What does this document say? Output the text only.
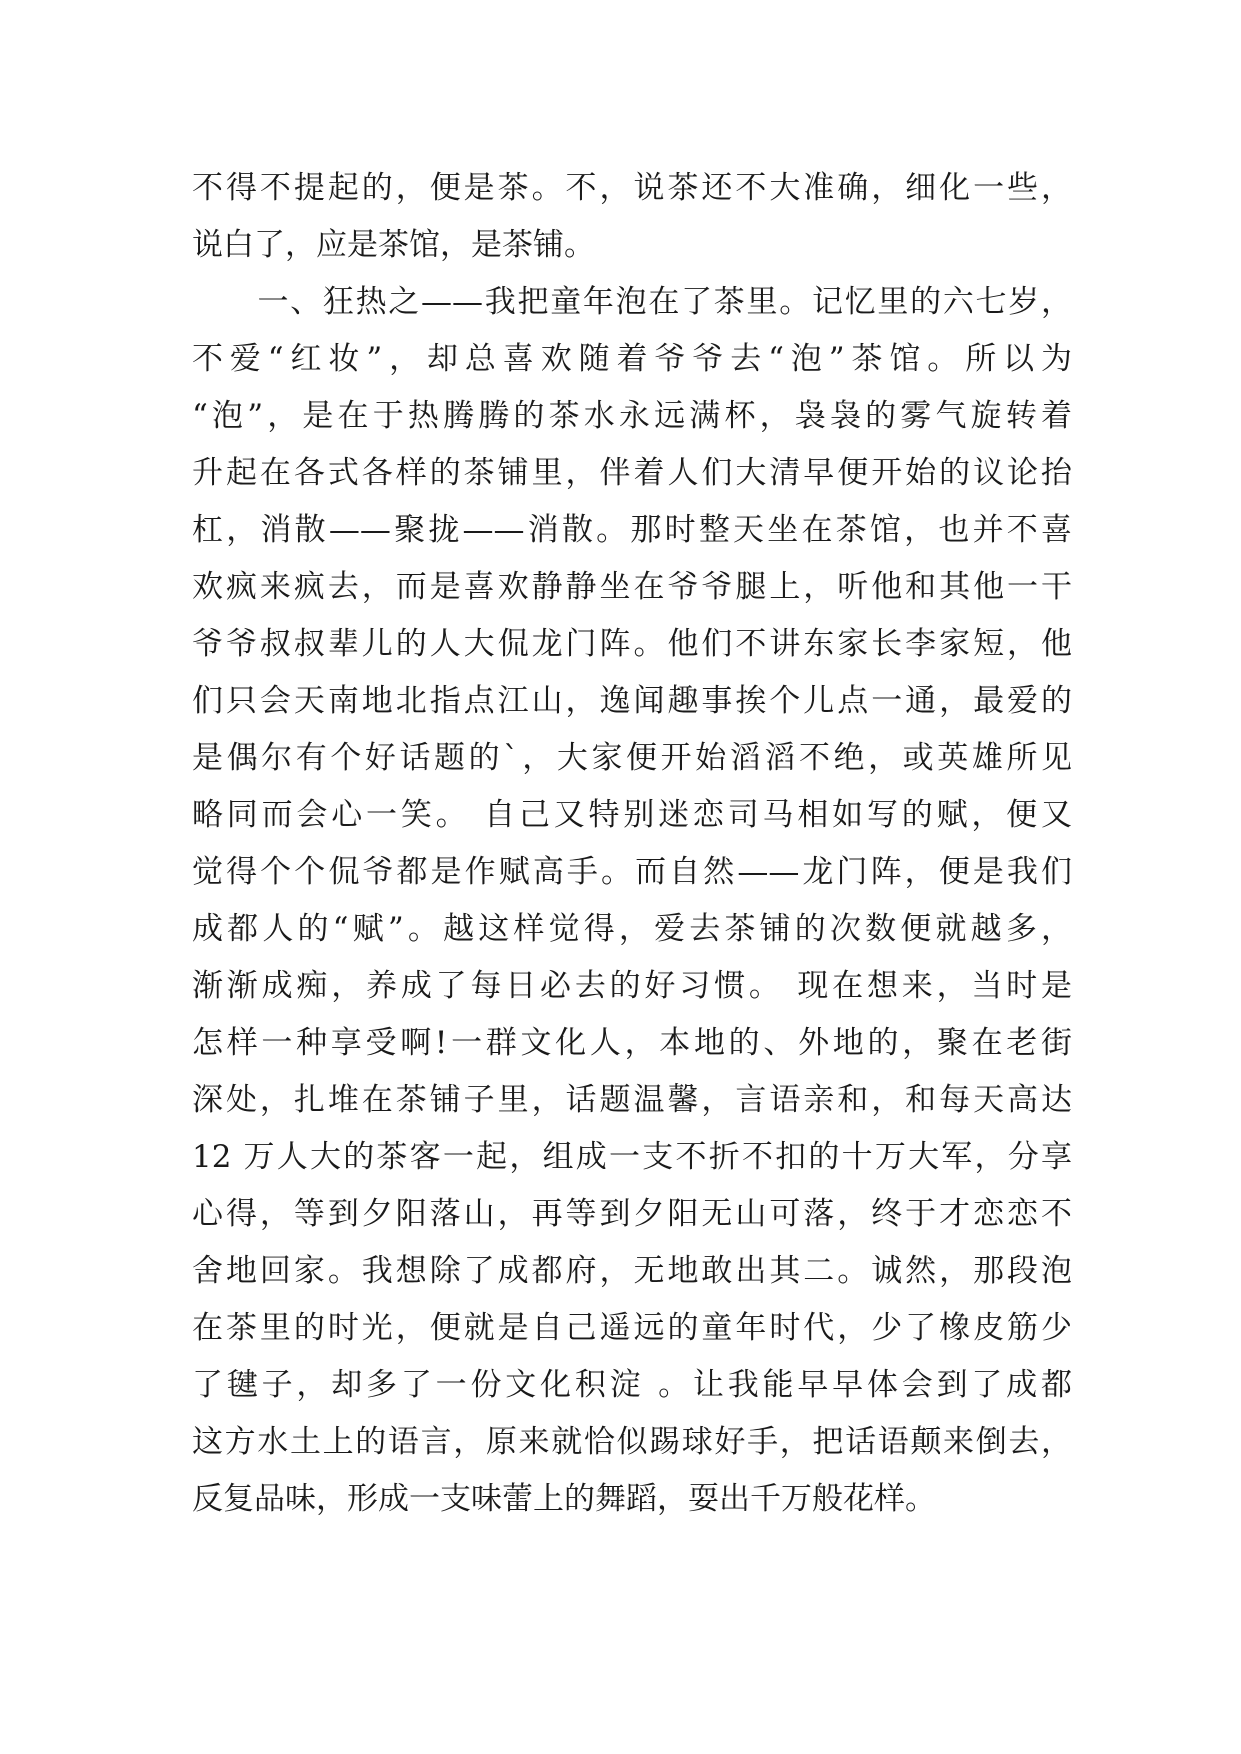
不得不提起的，便是茶。不，说茶还不大准确，细化一些，
说白了，应是茶馆，是茶铺。
　　一、狂热之——我把童年泡在了茶里。记忆里的六七岁，
不爱“红妆”，却总喜欢随着爷爷去“泡”茶馆。所以为
“泡”，是在于热腾腾的茶水永远满杯，袅袅的雾气旋转着
升起在各式各样的茶铺里，伴着人们大清早便开始的议论抬
杠，消散——聚拢——消散。那时整天坐在茶馆，也并不喜
欢疯来疯去，而是喜欢静静坐在爷爷腿上，听他和其他一干
爷爷叔叔辈儿的人大侃龙门阵。他们不讲东家长李家短，他
们只会天南地北指点江山，逸闻趣事挨个儿点一通，最爱的
是偶尔有个好话题的`，大家便开始滔滔不绝，或英雄所见
略同而会心一笑。 自己又特别迷恋司马相如写的赋，便又
觉得个个侃爷都是作赋高手。而自然——龙门阵，便是我们
成都人的“赋”。越这样觉得，爱去茶铺的次数便就越多，
渐渐成痴，养成了每日必去的好习惯。 现在想来，当时是
怎样一种享受啊!一群文化人，本地的、外地的，聚在老街
深处，扎堆在茶铺子里，话题温馨，言语亲和，和每天高达
12 万人大的茶客一起，组成一支不折不扣的十万大军，分享
心得，等到夕阳落山，再等到夕阳无山可落，终于才恋恋不
舍地回家。我想除了成都府，无地敢出其二。诚然，那段泡
在茶里的时光，便就是自己遥远的童年时代，少了橡皮筋少
了毽子，却多了一份文化积淀 。让我能早早体会到了成都
这方水土上的语言，原来就恰似踢球好手，把话语颠来倒去，
反复品味，形成一支味蕾上的舞蹈，耍出千万般花样。
